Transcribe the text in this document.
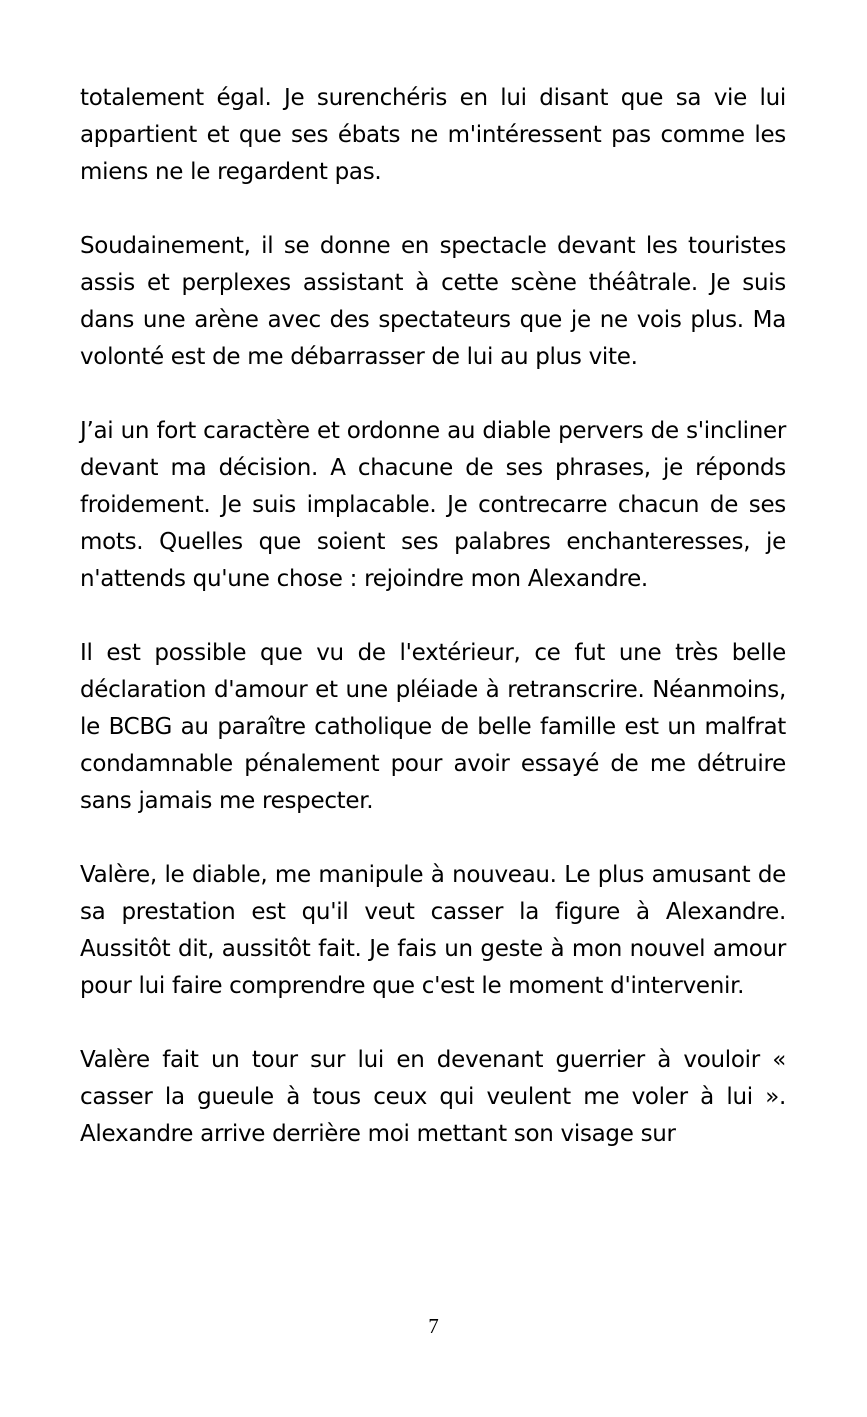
totalement égal. Je surenchéris en lui disant que sa vie lui appartient et que ses ébats ne m'intéressent pas comme les miens ne le regardent pas.

Soudainement, il se donne en spectacle devant les touristes assis et perplexes assistant à cette scène théâtrale. Je suis dans une arène avec des spectateurs que je ne vois plus. Ma volonté est de me débarrasser de lui au plus vite.

J’ai un fort caractère et ordonne au diable pervers de s'incliner devant ma décision. A chacune de ses phrases, je réponds froidement. Je suis implacable. Je contrecarre chacun de ses mots. Quelles que soient ses palabres enchanteresses, je n'attends qu'une chose : rejoindre mon Alexandre.

Il est possible que vu de l'extérieur, ce fut une très belle déclaration d'amour et une pléiade à retranscrire. Néanmoins, le BCBG au paraître catholique de belle famille est un malfrat condamnable pénalement pour avoir essayé de me détruire sans jamais me respecter.

Valère, le diable, me manipule à nouveau. Le plus amusant de sa prestation est qu'il veut casser la figure à Alexandre. Aussitôt dit, aussitôt fait. Je fais un geste à mon nouvel amour pour lui faire comprendre que c'est le moment d'intervenir.

Valère fait un tour sur lui en devenant guerrier à vouloir « casser la gueule à tous ceux qui veulent me voler à lui ». Alexandre arrive derrière moi mettant son visage sur

7
